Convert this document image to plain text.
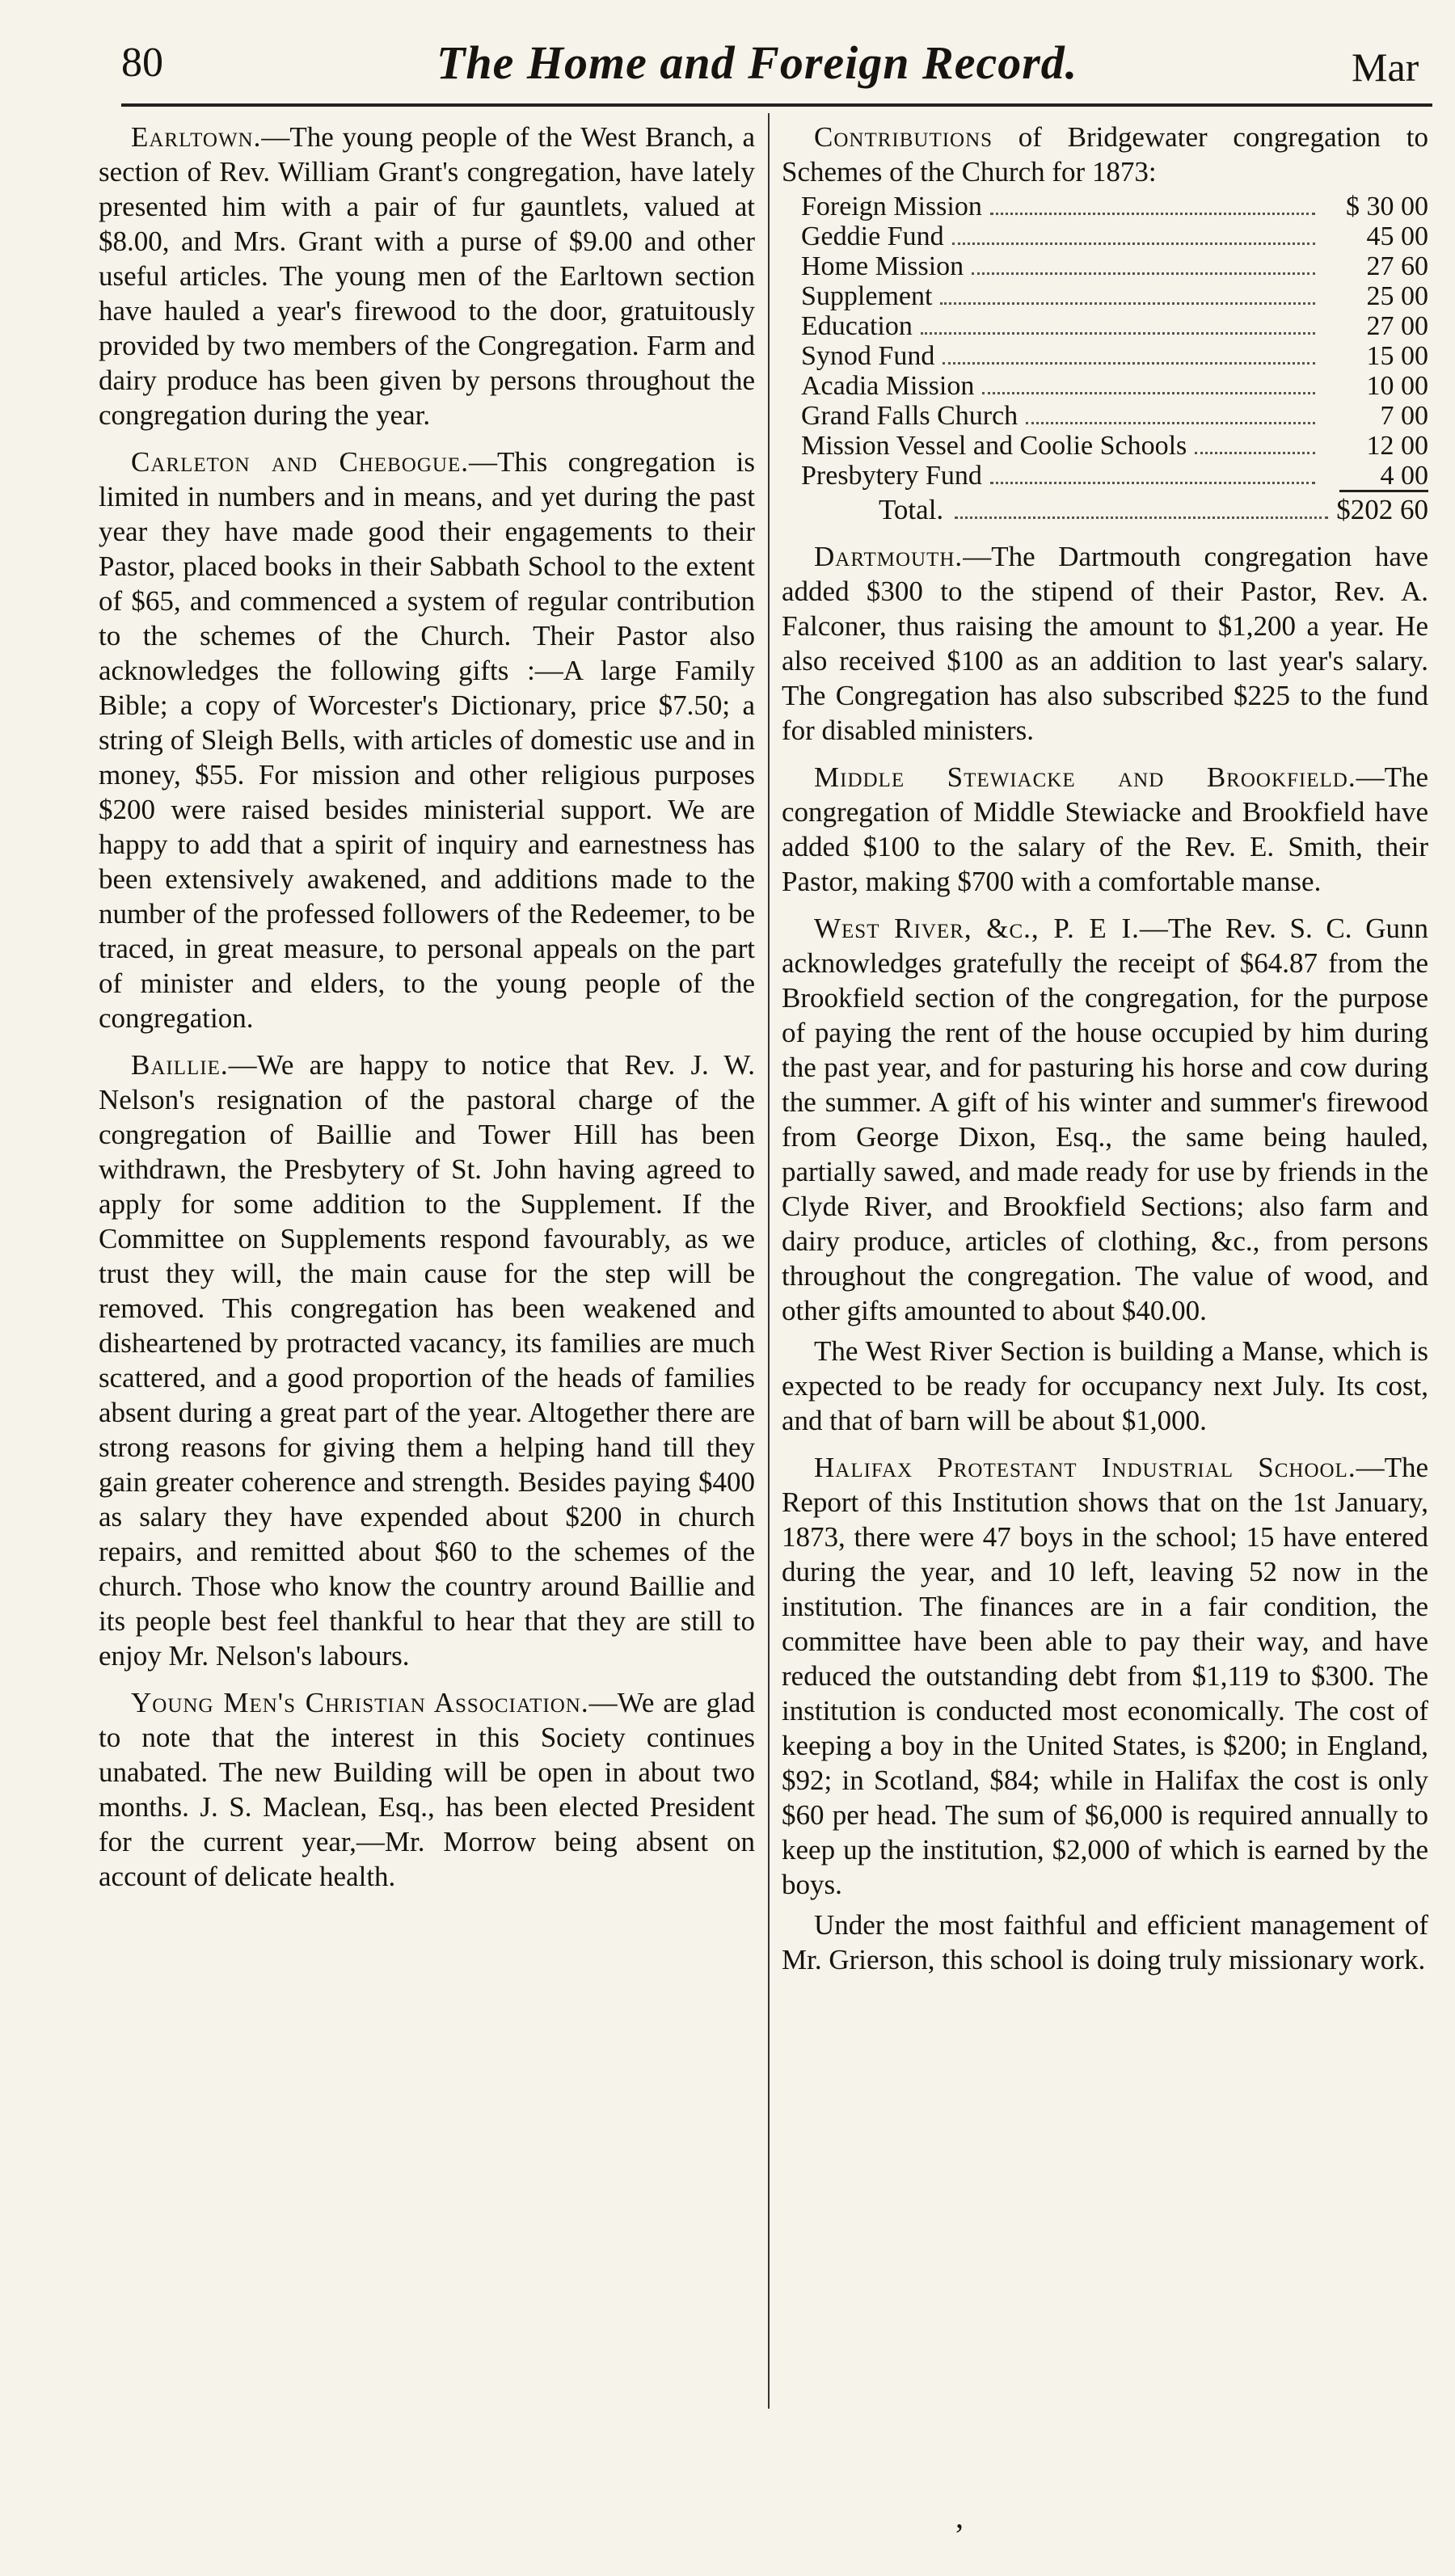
80	The Home and Foreign Record.	Mar

Earltown.—The young people of the West Branch, a section of Rev. William Grant's congregation, have lately presented him with a pair of fur gauntlets, valued at $8.00, and Mrs. Grant with a purse of $9.00 and other useful articles. The young men of the Earltown section have hauled a year's firewood to the door, gratuitously provided by two members of the Congregation. Farm and dairy produce has been given by persons throughout the congregation during the year.

Carleton and Chebogue.—This congregation is limited in numbers and in means, and yet during the past year they have made good their engagements to their Pastor, placed books in their Sabbath School to the extent of $65, and commenced a system of regular contribution to the schemes of the Church. Their Pastor also acknowledges the following gifts :—A large Family Bible; a copy of Worcester's Dictionary, price $7.50; a string of Sleigh Bells, with articles of domestic use and in money, $55. For mission and other religious purposes $200 were raised besides ministerial support. We are happy to add that a spirit of inquiry and earnestness has been extensively awakened, and additions made to the number of the professed followers of the Redeemer, to be traced, in great measure, to personal appeals on the part of minister and elders, to the young people of the congregation.

Baillie.—We are happy to notice that Rev. J. W. Nelson's resignation of the pastoral charge of the congregation of Baillie and Tower Hill has been withdrawn, the Presbytery of St. John having agreed to apply for some addition to the Supplement. If the Committee on Supplements respond favourably, as we trust they will, the main cause for the step will be removed. This congregation has been weakened and disheartened by protracted vacancy, its families are much scattered, and a good proportion of the heads of families absent during a great part of the year. Altogether there are strong reasons for giving them a helping hand till they gain greater coherence and strength. Besides paying $400 as salary they have expended about $200 in church repairs, and remitted about $60 to the schemes of the church. Those who know the country around Baillie and its people best feel thankful to hear that they are still to enjoy Mr. Nelson's labours.

Young Men's Christian Association.—We are glad to note that the interest in this Society continues unabated. The new Building will be open in about two months. J. S. Maclean, Esq., has been elected President for the current year,—Mr. Morrow being absent on account of delicate health.

Contributions of Bridgewater congregation to Schemes of the Church for 1873:
Foreign Mission	$ 30 00
Geddie Fund	45 00
Home Mission	27 60
Supplement	25 00
Education	27 00
Synod Fund	15 00
Acadia Mission	10 00
Grand Falls Church	7 00
Mission Vessel and Coolie Schools	12 00
Presbytery Fund	4 00
Total.	$202 60

Dartmouth.—The Dartmouth congregation have added $300 to the stipend of their Pastor, Rev. A. Falconer, thus raising the amount to $1,200 a year. He also received $100 as an addition to last year's salary. The Congregation has also subscribed $225 to the fund for disabled ministers.

Middle Stewiacke and Brookfield.—The congregation of Middle Stewiacke and Brookfield have added $100 to the salary of the Rev. E. Smith, their Pastor, making $700 with a comfortable manse.

West River, &c., P. E I.—The Rev. S. C. Gunn acknowledges gratefully the receipt of $64.87 from the Brookfield section of the congregation, for the purpose of paying the rent of the house occupied by him during the past year, and for pasturing his horse and cow during the summer. A gift of his winter and summer's firewood from George Dixon, Esq., the same being hauled, partially sawed, and made ready for use by friends in the Clyde River, and Brookfield Sections; also farm and dairy produce, articles of clothing, &c., from persons throughout the congregation. The value of wood, and other gifts amounted to about $40.00.

The West River Section is building a Manse, which is expected to be ready for occupancy next July. Its cost, and that of barn will be about $1,000.

Halifax Protestant Industrial School.—The Report of this Institution shows that on the 1st January, 1873, there were 47 boys in the school; 15 have entered during the year, and 10 left, leaving 52 now in the institution. The finances are in a fair condition, the committee have been able to pay their way, and have reduced the outstanding debt from $1,119 to $300. The institution is conducted most economically. The cost of keeping a boy in the United States, is $200; in England, $92; in Scotland, $84; while in Halifax the cost is only $60 per head. The sum of $6,000 is required annually to keep up the institution, $2,000 of which is earned by the boys.

Under the most faithful and efficient management of Mr. Grierson, this school is doing truly missionary work.

,
